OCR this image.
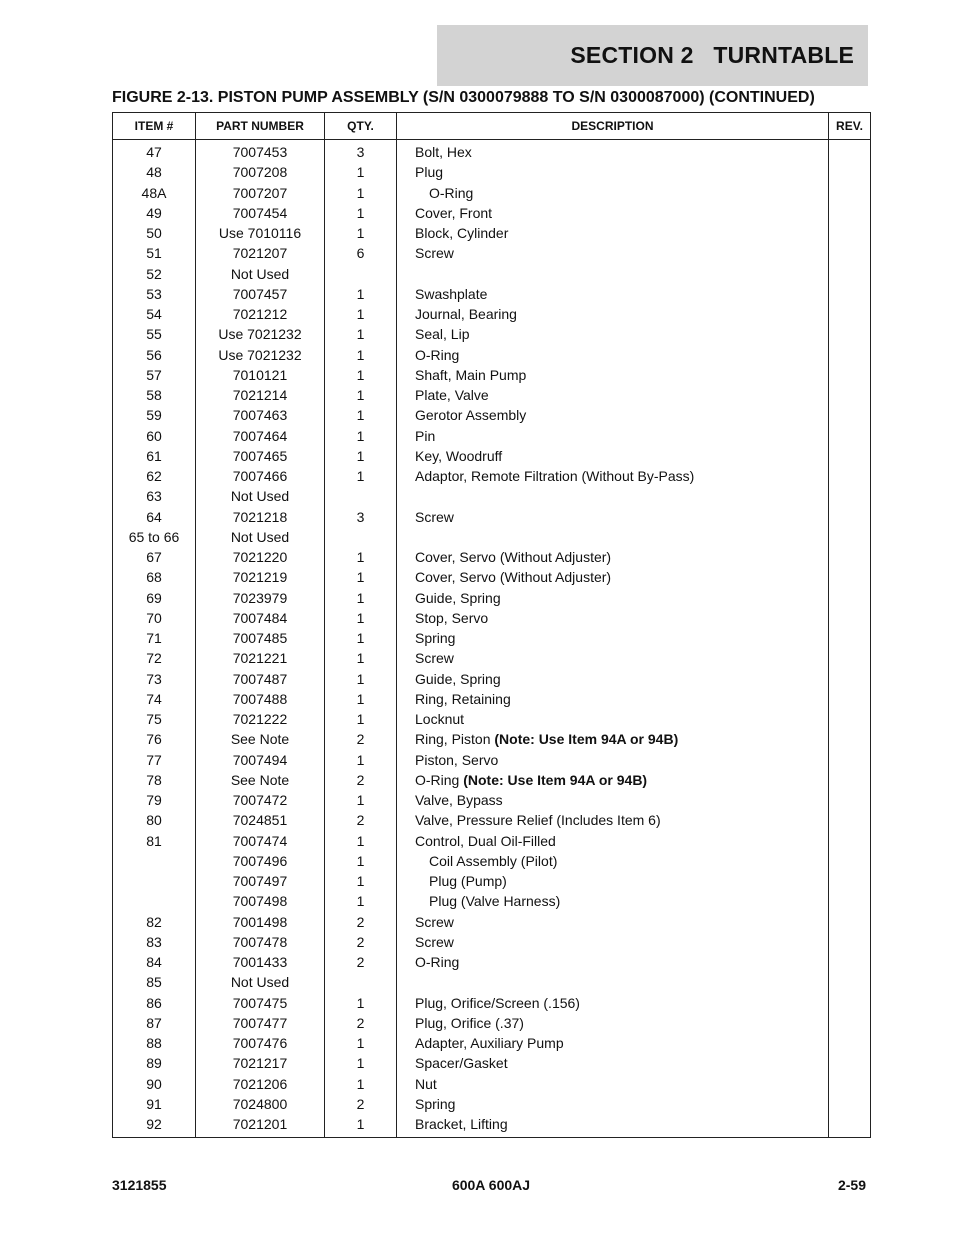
SECTION 2   TURNTABLE
FIGURE 2-13. PISTON PUMP ASSEMBLY (S/N 0300079888 TO S/N 0300087000) (CONTINUED)
ITEM #	PART NUMBER	QTY.	DESCRIPTION	REV.
47	7007453	3	Bolt, Hex	
48	7007208	1	Plug	
48A	7007207	1	O-Ring	
49	7007454	1	Cover, Front	
50	Use 7010116	1	Block, Cylinder	
51	7021207	6	Screw	
52	Not Used			
53	7007457	1	Swashplate	
54	7021212	1	Journal, Bearing	
55	Use 7021232	1	Seal, Lip	
56	Use 7021232	1	O-Ring	
57	7010121	1	Shaft, Main Pump	
58	7021214	1	Plate, Valve	
59	7007463	1	Gerotor Assembly	
60	7007464	1	Pin	
61	7007465	1	Key, Woodruff	
62	7007466	1	Adaptor, Remote Filtration (Without By-Pass)	
63	Not Used			
64	7021218	3	Screw	
65 to 66	Not Used			
67	7021220	1	Cover, Servo (Without Adjuster)	
68	7021219	1	Cover, Servo (Without Adjuster)	
69	7023979	1	Guide, Spring	
70	7007484	1	Stop, Servo	
71	7007485	1	Spring	
72	7021221	1	Screw	
73	7007487	1	Guide, Spring	
74	7007488	1	Ring, Retaining	
75	7021222	1	Locknut	
76	See Note	2	Ring, Piston (Note: Use Item 94A or 94B)	
77	7007494	1	Piston, Servo	
78	See Note	2	O-Ring (Note: Use Item 94A or 94B)	
79	7007472	1	Valve, Bypass	
80	7024851	2	Valve, Pressure Relief (Includes Item 6)	
81	7007474	1	Control, Dual Oil-Filled	
	7007496	1	Coil Assembly (Pilot)	
	7007497	1	Plug (Pump)	
	7007498	1	Plug (Valve Harness)	
82	7001498	2	Screw	
83	7007478	2	Screw	
84	7001433	2	O-Ring	
85	Not Used			
86	7007475	1	Plug, Orifice/Screen (.156)	
87	7007477	2	Plug, Orifice (.37)	
88	7007476	1	Adapter, Auxiliary Pump	
89	7021217	1	Spacer/Gasket	
90	7021206	1	Nut	
91	7024800	2	Spring	
92	7021201	1	Bracket, Lifting	
3121855	600A 600AJ	2-59
